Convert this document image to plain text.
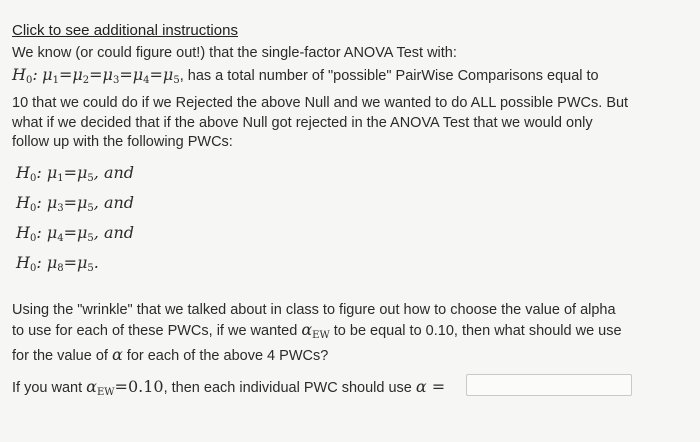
Click to see additional instructions
We know (or could figure out!) that the single-factor ANOVA Test with:
$H_0$: $\mu_1=\mu_2=\mu_3=\mu_4=\mu_5$, has a total number of "possible" PairWise Comparisons equal to
10 that we could do if we Rejected the above Null and we wanted to do ALL possible PWCs. But
what if we decided that if the above Null got rejected in the ANOVA Test that we would only
follow up with the following PWCs:
$H_0$: $\mu_1=\mu_5$, and
$H_0$: $\mu_3=\mu_5$, and
$H_0$: $\mu_4=\mu_5$, and
$H_0$: $\mu_8=\mu_5$.
Using the "wrinkle" that we talked about in class to figure out how to choose the value of alpha
to use for each of these PWCs, if we wanted $\alpha_{EW}$ to be equal to 0.10, then what should we use
for the value of α for each of the above 4 PWCs?
If you want $\alpha_{EW}=0.10$, then each individual PWC should use α =
